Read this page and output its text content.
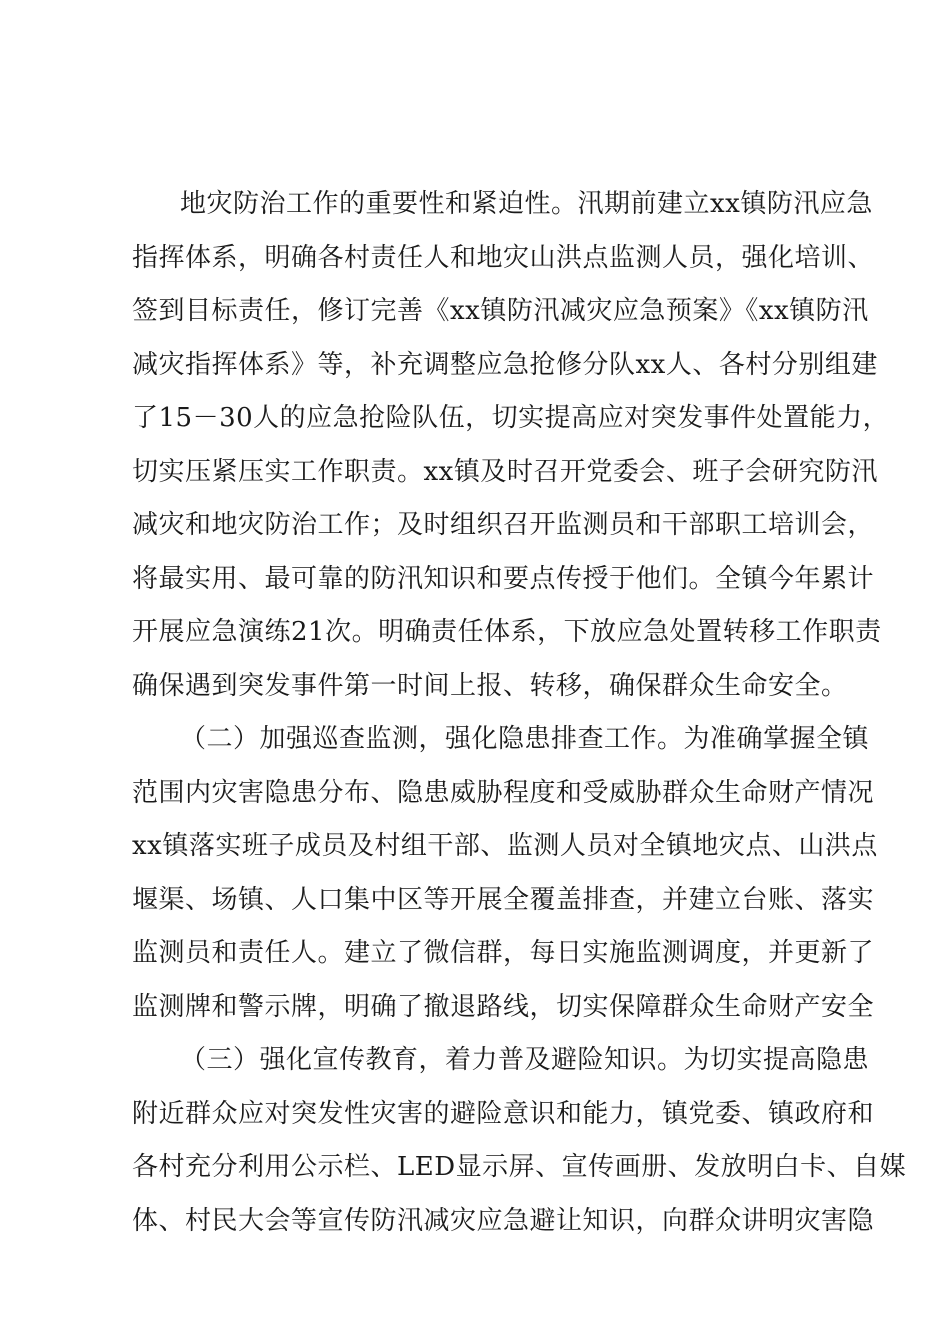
地灾防治工作的重要性和紧迫性。汛期前建立xx镇防汛应急
指挥体系，明确各村责任人和地灾山洪点监测人员，强化培训、
签到目标责任，修订完善《xx镇防汛减灾应急预案》《xx镇防汛
减灾指挥体系》等，补充调整应急抢修分队xx人、各村分别组建
了15－30人的应急抢险队伍，切实提高应对突发事件处置能力，
切实压紧压实工作职责。xx镇及时召开党委会、班子会研究防汛
减灾和地灾防治工作；及时组织召开监测员和干部职工培训会，
将最实用、最可靠的防汛知识和要点传授于他们。全镇今年累计
开展应急演练21次。明确责任体系，下放应急处置转移工作职责
确保遇到突发事件第一时间上报、转移，确保群众生命安全。
（二）加强巡查监测，强化隐患排查工作。为准确掌握全镇
范围内灾害隐患分布、隐患威胁程度和受威胁群众生命财产情况
xx镇落实班子成员及村组干部、监测人员对全镇地灾点、山洪点
堰渠、场镇、人口集中区等开展全覆盖排查，并建立台账、落实
监测员和责任人。建立了微信群，每日实施监测调度，并更新了
监测牌和警示牌，明确了撤退路线，切实保障群众生命财产安全
（三）强化宣传教育，着力普及避险知识。为切实提高隐患
附近群众应对突发性灾害的避险意识和能力，镇党委、镇政府和
各村充分利用公示栏、LED显示屏、宣传画册、发放明白卡、自媒
体、村民大会等宣传防汛减灾应急避让知识，向群众讲明灾害隐
